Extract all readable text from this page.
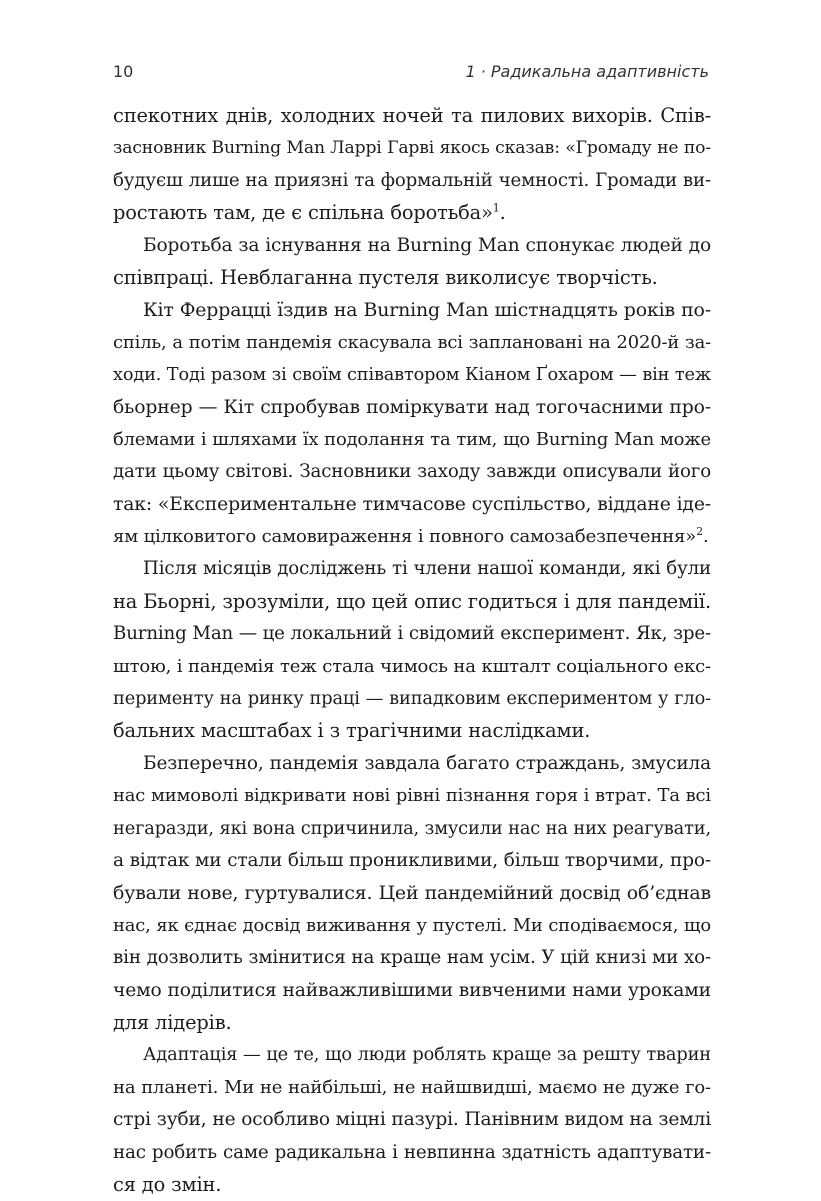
10	1 · Радикальна адаптивність
спекотних днів, холодних ночей та пилових вихорів. Спів-
засновник Burning Man Ларрі Гарві якось сказав: «Громаду не по-
будуєш лише на приязні та формальній чемності. Громади ви-
ростають там, де є спільна боротьба»$^1$.
Боротьба за існування на Burning Man спонукає людей до
співпраці. Невблаганна пустеля виколисує творчість.
Кіт Феррацці їздив на Burning Man шістнадцять років по-
спіль, а потім пандемія скасувала всі заплановані на 2020-й за-
ходи. Тоді разом зі своїм співавтором Кіаном Ґохаром — він теж
бьорнер — Кіт спробував поміркувати над тогочасними про-
блемами і шляхами їх подолання та тим, що Burning Man може
дати цьому світові. Засновники заходу завжди описували його
так: «Експериментальне тимчасове суспільство, віддане іде-
ям цілковитого самовираження і повного самозабезпечення»$^2$.
Після місяців досліджень ті члени нашої команди, які були
на Бьорні, зрозуміли, що цей опис годиться і для пандемії.
Burning Man — це локальний і свідомий експеримент. Як, зре-
штою, і пандемія теж стала чимось на кшталт соціального екс-
перименту на ринку праці — випадковим експериментом у гло-
бальних масштабах і з трагічними наслідками.
Безперечно, пандемія завдала багато страждань, змусила
нас мимоволі відкривати нові рівні пізнання горя і втрат. Та всі
негаразди, які вона спричинила, змусили нас на них реагувати,
а відтак ми стали більш проникливими, більш творчими, про-
бували нове, гуртувалися. Цей пандемійний досвід об’єднав
нас, як єднає досвід виживання у пустелі. Ми сподіваємося, що
він дозволить змінитися на краще нам усім. У цій книзі ми хо-
чемо поділитися найважливішими вивченими нами уроками
для лідерів.
Адаптація — це те, що люди роблять краще за решту тварин
на планеті. Ми не найбільші, не найшвидші, маємо не дуже го-
стрі зуби, не особливо міцні пазурі. Панівним видом на землі
нас робить саме радикальна і невпинна здатність адаптувати-
ся до змін.
